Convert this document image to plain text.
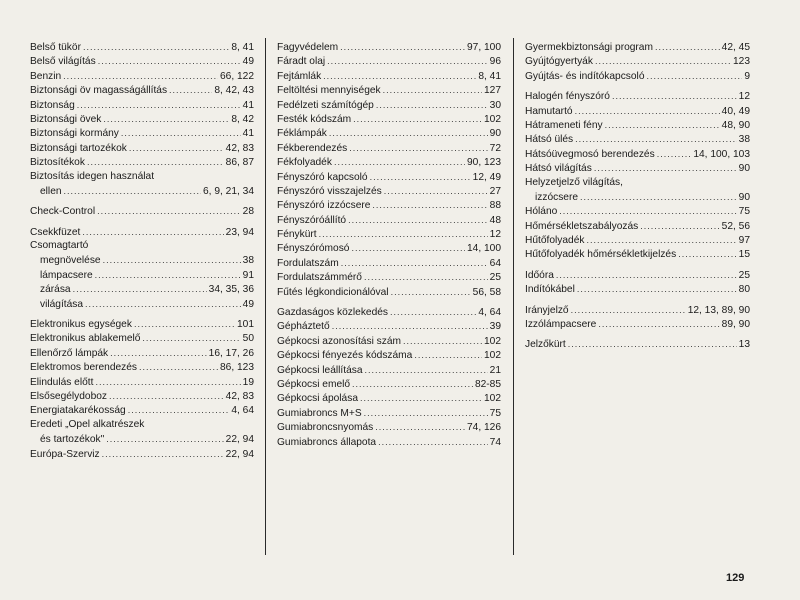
Belső tükör .....	8, 41
Belső világítás .....	49
Benzin .....	66, 122
Biztonsági öv magasságállítás .....	8, 42, 43
Biztonság .....	41
Biztonsági övek .....	8, 42
Biztonsági kormány .....	41
Biztonsági tartozékok .....	42, 83
Biztosítékok .....	86, 87
Biztosítás idegen használat
ellen .....	6, 9, 21, 34
Check-Control .....	28
Csekkfüzet .....	23, 94
Csomagtartó
megnövelése .....	38
lámpacsere .....	91
zárása .....	34, 35, 36
világítása .....	49
Elektronikus egységek .....	101
Elektronikus ablakemelő .....	50
Ellenőrző lámpák .....	16, 17, 26
Elektromos berendezés .....	86, 123
Elindulás előtt .....	19
Elsősegélydoboz .....	42, 83
Energiatakarékosság .....	4, 64
Eredeti „Opel alkatrészek
és tartozékok" .....	22, 94
Európa-Szerviz .....	22, 94
Fagyvédelem .....	97, 100
Fáradt olaj .....	96
Fejtámlák .....	8, 41
Feltöltési mennyiségek .....	127
Fedélzeti számítógép .....	30
Festék kódszám .....	102
Féklámpák .....	90
Fékberendezés .....	72
Fékfolyadék .....	90, 123
Fényszóró kapcsoló .....	12, 49
Fényszóró visszajelzés .....	27
Fényszóró izzócsere .....	88
Fényszóróállító .....	48
Fénykürt .....	12
Fényszórómosó .....	14, 100
Fordulatszám .....	64
Fordulatszámmérő .....	25
Fűtés légkondicionálóval .....	56, 58
Gazdaságos közlekedés .....	4, 64
Gépháztető .....	39
Gépkocsi azonosítási szám .....	102
Gépkocsi fényezés kódszáma .....	102
Gépkocsi leállítása .....	21
Gépkocsi emelő .....	82-85
Gépkocsi ápolása .....	102
Gumiabroncs M+S .....	75
Gumiabroncsnyomás .....	74, 126
Gumiabroncs állapota .....	74
Gyermekbiztonsági program .....	42, 45
Gyújtógyertyák .....	123
Gyújtás- és indítókapcsoló .....	9
Halogén fényszóró .....	12
Hamutartó .....	40, 49
Hátrameneti fény .....	48, 90
Hátsó ülés .....	38
Hátsóüvegmosó berendezés .....	14, 100, 103
Hátsó világítás .....	90
Helyzetjelző világítás,
izzócsere .....	90
Hóláno .....	75
Hőmérsékletszabályozás .....	52, 56
Hűtőfolyadék .....	97
Hűtőfolyadék hőmérsékletkijelzés .....	15
Időóra .....	25
Indítókábel .....	80
Irányjelző .....	12, 13, 89, 90
Izzólámpacsere .....	89, 90
Jelzőkürt .....	13
129
